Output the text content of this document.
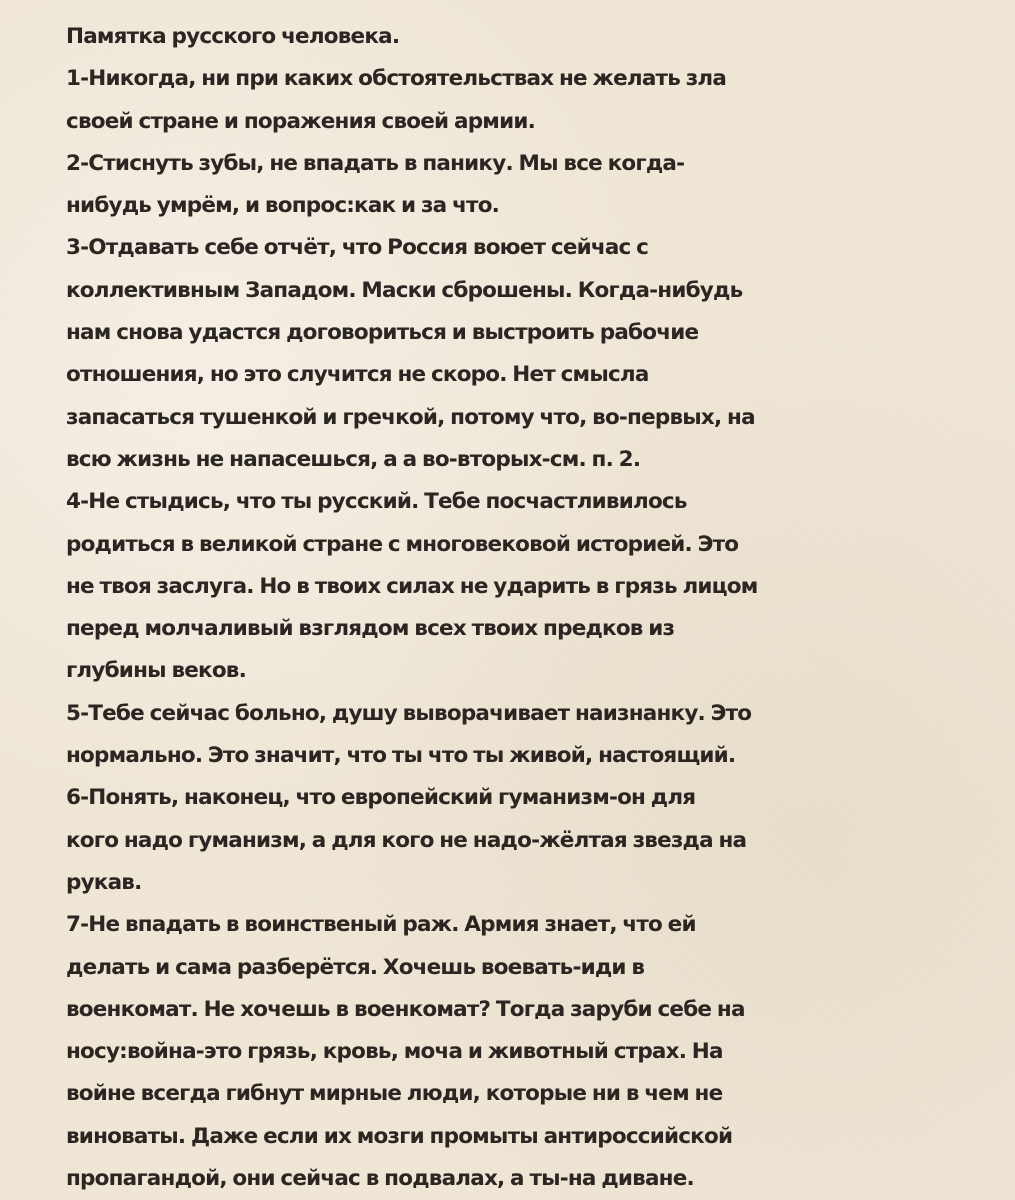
Памятка русского человека.
1-Никогда, ни при каких обстоятельствах не желать зла
своей стране и поражения своей армии.
2-Стиснуть зубы, не впадать в панику. Мы все когда-
нибудь умрём, и вопрос:как и за что.
3-Отдавать себе отчёт, что Россия воюет сейчас с
коллективным Западом. Маски сброшены. Когда-нибудь
нам снова удастся договориться и выстроить рабочие
отношения, но это случится не скоро. Нет смысла
запасаться тушенкой и гречкой, потому что, во-первых, на
всю жизнь не напасешься, а а во-вторых-см. п. 2.
4-Не стыдись, что ты русский. Тебе посчастливилось
родиться в великой стране с многовековой историей. Это
не твоя заслуга. Но в твоих силах не ударить в грязь лицом
перед молчаливый взглядом всех твоих предков из
глубины веков.
5-Тебе сейчас больно, душу выворачивает наизнанку. Это
нормально. Это значит, что ты что ты живой, настоящий.
6-Понять, наконец, что европейский гуманизм-он для
кого надо гуманизм, а для кого не надо-жёлтая звезда на
рукав.
7-Не впадать в воинственый раж. Армия знает, что ей
делать и сама разберётся. Хочешь воевать-иди в
военкомат. Не хочешь в военкомат? Тогда заруби себе на
носу:война-это грязь, кровь, моча и животный страх. На
войне всегда гибнут мирные люди, которые ни в чем не
виноваты. Даже если их мозги промыты антироссийской
пропагандой, они сейчас в подвалах, а ты-на диване.
